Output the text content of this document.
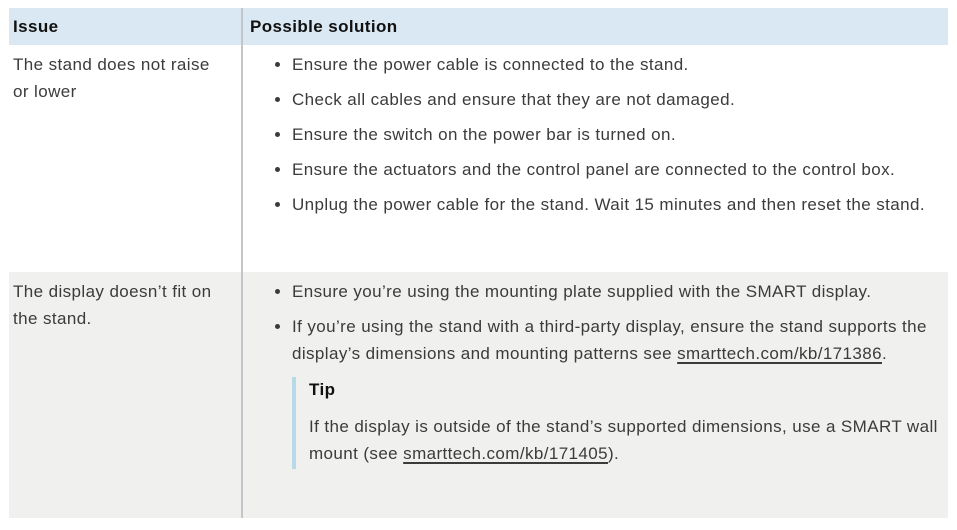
Issue	Possible solution
The stand does not raise or lower
• Ensure the power cable is connected to the stand.
• Check all cables and ensure that they are not damaged.
• Ensure the switch on the power bar is turned on.
• Ensure the actuators and the control panel are connected to the control box.
• Unplug the power cable for the stand. Wait 15 minutes and then reset the stand.
The display doesn’t fit on the stand.
• Ensure you’re using the mounting plate supplied with the SMART display.
• If you’re using the stand with a third-party display, ensure the stand supports the display’s dimensions and mounting patterns see smarttech.com/kb/171386.
Tip
If the display is outside of the stand’s supported dimensions, use a SMART wall mount (see smarttech.com/kb/171405).
